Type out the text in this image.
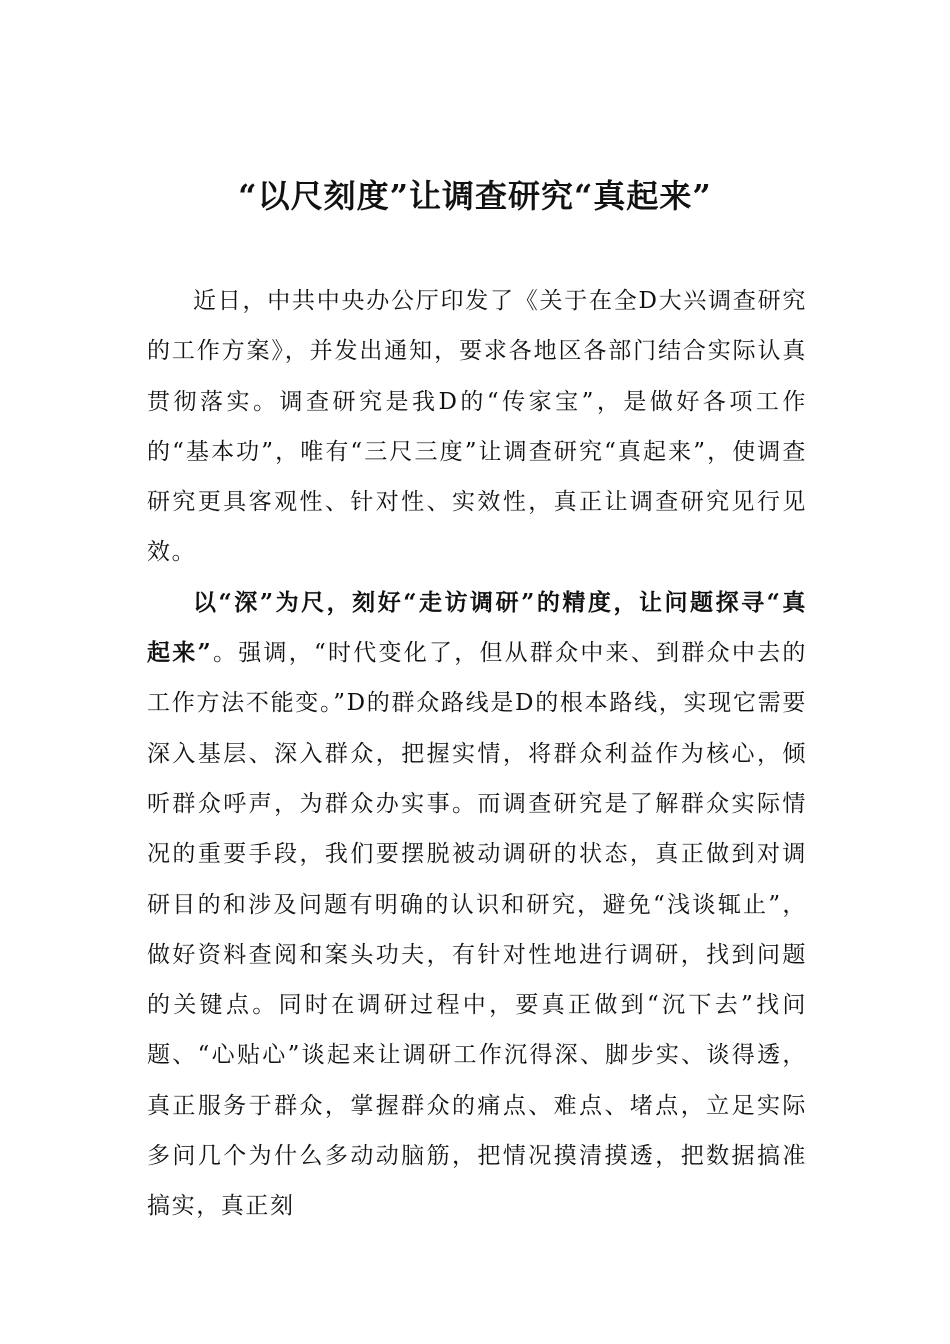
“以尺刻度”让调查研究“真起来”

近日，中共中央办公厅印发了《关于在全D大兴调查研究的工作方案》，并发出通知，要求各地区各部门结合实际认真贯彻落实。调查研究是我D的“传家宝”，是做好各项工作的“基本功”，唯有“三尺三度”让调查研究“真起来”，使调查研究更具客观性、针对性、实效性，真正让调查研究见行见效。

以“深”为尺，刻好“走访调研”的精度，让问题探寻“真起来”。强调，“时代变化了，但从群众中来、到群众中去的工作方法不能变。”D的群众路线是D的根本路线，实现它需要深入基层、深入群众，把握实情，将群众利益作为核心，倾听群众呼声，为群众办实事。而调查研究是了解群众实际情况的重要手段，我们要摆脱被动调研的状态，真正做到对调研目的和涉及问题有明确的认识和研究，避免“浅谈辄止”，做好资料查阅和案头功夫，有针对性地进行调研，找到问题的关键点。同时在调研过程中，要真正做到“沉下去”找问题、“心贴心”谈起来让调研工作沉得深、脚步实、谈得透，真正服务于群众，掌握群众的痛点、难点、堵点，立足实际多问几个为什么多动动脑筋，把情况摸清摸透，把数据搞准搞实，真正刻
